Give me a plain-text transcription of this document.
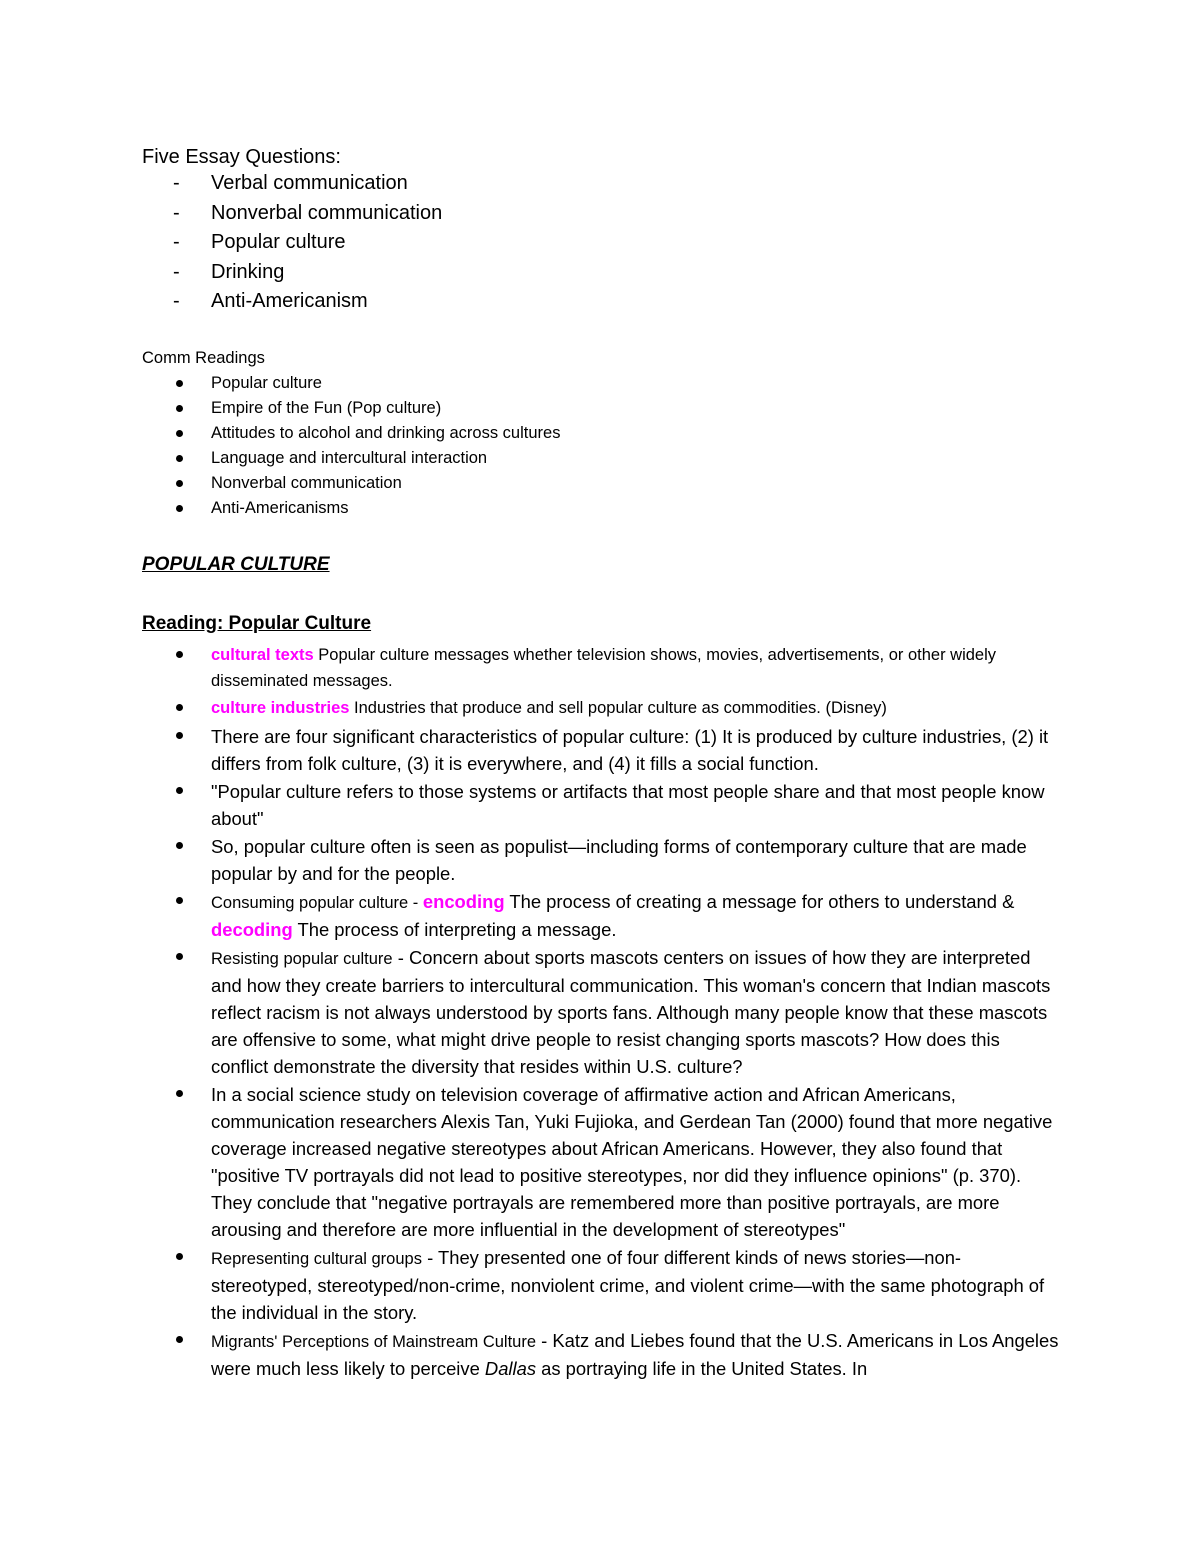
Five Essay Questions:
- Verbal communication
- Nonverbal communication
- Popular culture
- Drinking
- Anti-Americanism
Comm Readings
Popular culture
Empire of the Fun (Pop culture)
Attitudes to alcohol and drinking across cultures
Language and intercultural interaction
Nonverbal communication
Anti-Americanisms
POPULAR CULTURE
Reading: Popular Culture

cultural texts Popular culture messages whether television shows, movies, advertisements, or other widely disseminated messages.

culture industries Industries that produce and sell popular culture as commodities. (Disney)

There are four significant characteristics of popular culture: (1) It is produced by culture industries, (2) it differs from folk culture, (3) it is everywhere, and (4) it fills a social function.

"Popular culture refers to those systems or artifacts that most people share and that most people know about"

So, popular culture often is seen as populist—including forms of contemporary culture that are made popular by and for the people.

Consuming popular culture - encoding The process of creating a message for others to understand & decoding The process of interpreting a message.

Resisting popular culture - Concern about sports mascots centers on issues of how they are interpreted and how they create barriers to intercultural communication. This woman's concern that Indian mascots reflect racism is not always understood by sports fans. Although many people know that these mascots are offensive to some, what might drive people to resist changing sports mascots? How does this conflict demonstrate the diversity that resides within U.S. culture?

In a social science study on television coverage of affirmative action and African Americans, communication researchers Alexis Tan, Yuki Fujioka, and Gerdean Tan (2000) found that more negative coverage increased negative stereotypes about African Americans. However, they also found that "positive TV portrayals did not lead to positive stereotypes, nor did they influence opinions" (p. 370). They conclude that "negative portrayals are remembered more than positive portrayals, are more arousing and therefore are more influential in the development of stereotypes"

Representing cultural groups - They presented one of four different kinds of news stories—non-stereotyped, stereotyped/non-crime, nonviolent crime, and violent crime—with the same photograph of the individual in the story.

Migrants' Perceptions of Mainstream Culture - Katz and Liebes found that the U.S. Americans in Los Angeles were much less likely to perceive Dallas as portraying life in the United States. In
